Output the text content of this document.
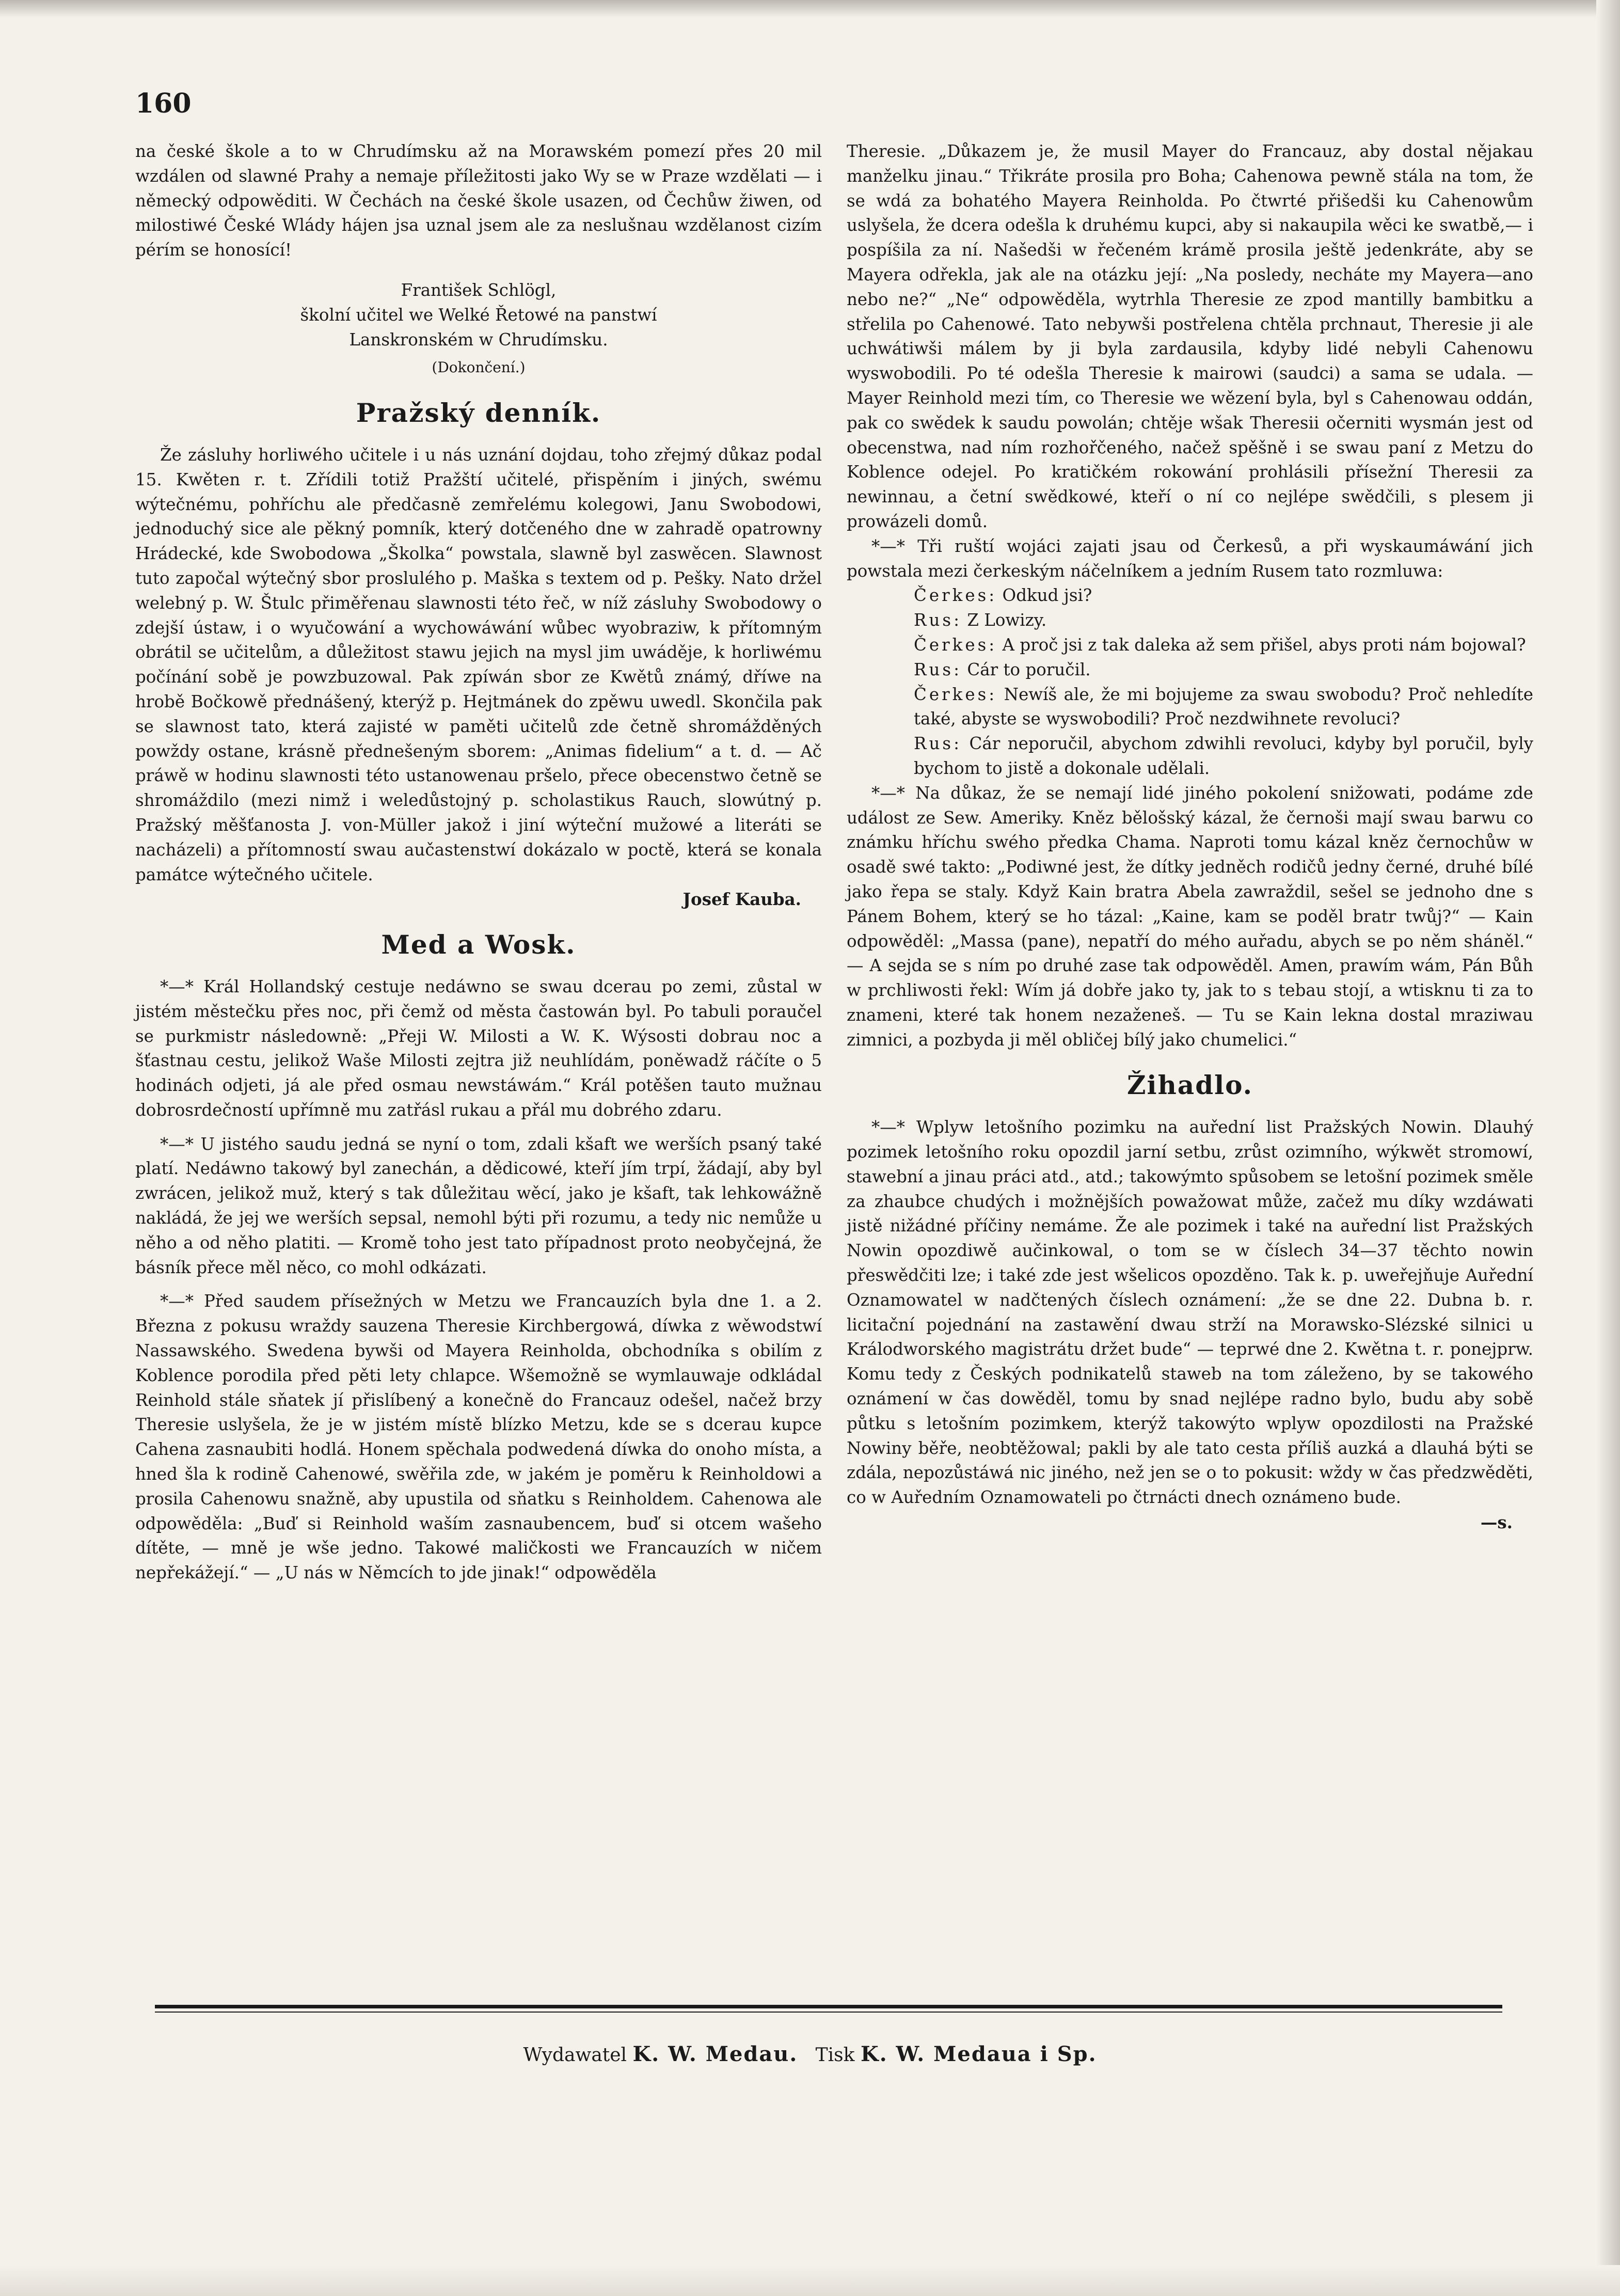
160

na české škole a to w Chrudímsku až na Morawském pomezí přes 20 mil wzdálen od slawné Prahy a nemaje příležitosti jako Wy se w Praze wzdělati — i německý odpowěditi. W Čechách na české škole usazen, od Čechůw žiwen, od milostiwé České Wlády hájen jsa uznal jsem ale za neslušnau wzdělanost cizím pérím se honosící!

František Schlögl,

školní učitel we Welké Řetowé na panstwí

Lanskronském w Chrudímsku.

(Dokončení.)

Pražský denník.

Že zásluhy horliwého učitele i u nás uznání dojdau, toho zřejmý důkaz podal 15. Kwěten r. t. Zřídili totiž Pražští učitelé, přispěním i jiných, swému wýtečnému, pohříchu ale předčasně zemřelému kolegowi, Janu Swobodowi, jednoduchý sice ale pěkný pomník, který dotčeného dne w zahradě opatrowny Hrádecké, kde Swobodowa „Školka“ powstala, slawně byl zaswěcen. Slawnost tuto započal wýtečný sbor proslulého p. Maška s textem od p. Pešky. Nato držel welebný p. W. Štulc přiměřenau slawnosti této řeč, w níž zásluhy Swobodowy o zdejší ústaw, i o wyučowání a wychowáwání wůbec wyobraziw, k přítomným obrátil se učitelům, a důležitost stawu jejich na mysl jim uwáděje, k horliwému počínání sobě je powzbuzowal. Pak zpíwán sbor ze Kwětů známý, dříwe na hrobě Bočkowě přednášený, kterýž p. Hejtmánek do zpěwu uwedl. Skončila pak se slawnost tato, která zajisté w paměti učitelů zde četně shromážděných powždy ostane, krásně přednešeným sborem: „Animas fidelium“ a t. d. — Ač práwě w hodinu slawnosti této ustanowenau pršelo, přece obecenstwo četně se shromáždilo (mezi nimž i weledůstojný p. scholastikus Rauch, slowútný p. Pražský měšťanosta J. von-Müller jakož i jiní wýteční mužowé a literáti se nacházeli) a přítomností swau aučastenstwí dokázalo w poctě, která se konala památce wýtečného učitele.

Josef Kauba.

Med a Wosk.

*—* Král Hollandský cestuje nedáwno se swau dcerau po zemi, zůstal w jistém městečku přes noc, při čemž od města častowán byl. Po tabuli poraučel se purkmistr následowně: „Přeji W. Milosti a W. K. Wýsosti dobrau noc a šťastnau cestu, jelikož Waše Milosti zejtra již neuhlídám, poněwadž ráčíte o 5 hodinách odjeti, já ale před osmau newstáwám.“ Král potěšen tauto mužnau dobrosrdečností upřímně mu zatřásl rukau a přál mu dobrého zdaru.

*—* U jistého saudu jedná se nyní o tom, zdali kšaft we werších psaný také platí. Nedáwno takowý byl zanechán, a dědicowé, kteří jím trpí, žádají, aby byl zwrácen, jelikož muž, který s tak důležitau wěcí, jako je kšaft, tak lehkowážně nakládá, že jej we werších sepsal, nemohl býti při rozumu, a tedy nic nemůže u něho a od něho platiti. — Kromě toho jest tato případnost proto neobyčejná, že básník přece měl něco, co mohl odkázati.

*—* Před saudem přísežných w Metzu we Francauzích byla dne 1. a 2. Března z pokusu wraždy sauzena Theresie Kirchbergowá, díwka z wěwodstwí Nassawského. Swedena bywši od Mayera Reinholda, obchodníka s obilím z Koblence porodila před pěti lety chlapce. Wšemožně se wymlauwaje odkládal Reinhold stále sňatek jí přislíbený a konečně do Francauz odešel, načež brzy Theresie uslyšela, že je w jistém místě blízko Metzu, kde se s dcerau kupce Cahena zasnaubiti hodlá. Honem spěchala podwedená díwka do onoho místa, a hned šla k rodině Cahenowé, swěřila zde, w jakém je poměru k Reinholdowi a prosila Cahenowu snažně, aby upustila od sňatku s Reinholdem. Cahenowa ale odpowěděla: „Buď si Reinhold waším zasnaubencem, buď si otcem wašeho dítěte, — mně je wše jedno. Takowé maličkosti we Francauzích w ničem nepřekážejí.“ — „U nás w Němcích to jde jinak!“ odpowěděla

Theresie. „Důkazem je, že musil Mayer do Francauz, aby dostal nějakau manželku jinau.“ Třikráte prosila pro Boha; Cahenowa pewně stála na tom, že se wdá za bohatého Mayera Reinholda. Po čtwrté přišedši ku Cahenowům uslyšela, že dcera odešla k druhému kupci, aby si nakaupila wěci ke swatbě,— i pospíšila za ní. Našedši w řečeném krámě prosila ještě jedenkráte, aby se Mayera odřekla, jak ale na otázku její: „Na posledy, necháte my Mayera—ano nebo ne?“ „Ne“ odpowěděla, wytrhla Theresie ze zpod mantilly bambitku a střelila po Cahenowé. Tato nebywši postřelena chtěla prchnaut, Theresie ji ale uchwátiwši málem by ji byla zardausila, kdyby lidé nebyli Cahenowu wyswobodili. Po té odešla Theresie k mairowi (saudci) a sama se udala. — Mayer Reinhold mezi tím, co Theresie we wězení byla, byl s Cahenowau oddán, pak co swědek k saudu powolán; chtěje wšak Theresii očerniti wysmán jest od obecenstwa, nad ním rozhořčeného, načež spěšně i se swau paní z Metzu do Koblence odejel. Po kratičkém rokowání prohlásili přísežní Theresii za newinnau, a četní swědkowé, kteří o ní co nejlépe swědčili, s plesem ji prowázeli domů.

*—* Tři ruští wojáci zajati jsau od Čerkesů, a při wyskaumáwání jich powstala mezi čerkeským náčelníkem a jedním Rusem tato rozmluwa:

Čerkes: Odkud jsi?

Rus: Z Lowizy.

Čerkes: A proč jsi z tak daleka až sem přišel, abys proti nám bojowal?

Rus: Cár to poručil.

Čerkes: Newíš ale, že mi bojujeme za swau swobodu? Proč nehledíte také, abyste se wyswobodili? Proč nezdwihnete revoluci?

Rus: Cár neporučil, abychom zdwihli revoluci, kdyby byl poručil, byly bychom to jistě a dokonale udělali.

*—* Na důkaz, že se nemají lidé jiného pokolení snižowati, podáme zde událost ze Sew. Ameriky. Kněz bělošský kázal, že černoši mají swau barwu co známku hříchu swého předka Chama. Naproti tomu kázal kněz černochůw w osadě swé takto: „Podiwné jest, že dítky jedněch rodičů jedny černé, druhé bílé jako řepa se staly. Když Kain bratra Abela zawraždil, sešel se jednoho dne s Pánem Bohem, který se ho tázal: „Kaine, kam se poděl bratr twůj?“ — Kain odpowěděl: „Massa (pane), nepatří do mého auřadu, abych se po něm sháněl.“ — A sejda se s ním po druhé zase tak odpowěděl. Amen, prawím wám, Pán Bůh w prchliwosti řekl: Wím já dobře jako ty, jak to s tebau stojí, a wtisknu ti za to znameni, které tak honem nezaženeš. — Tu se Kain lekna dostal mraziwau zimnici, a pozbyda ji měl obličej bílý jako chumelici.“

Žihadlo.

*—* Wplyw letošního pozimku na auřední list Pražských Nowin. Dlauhý pozimek letošního roku opozdil jarní setbu, zrůst ozimního, wýkwět stromowí, stawební a jinau práci atd., atd.; takowýmto spůsobem se letošní pozimek směle za zhaubce chudých i možnějších powažowat může, začež mu díky wzdáwati jistě nižádné příčiny nemáme. Že ale pozimek i také na auřední list Pražských Nowin opozdiwě aučinkowal, o tom se w číslech 34—37 těchto nowin přeswědčiti lze; i také zde jest wšelicos opozděno. Tak k. p. uweřejňuje Auřední Oznamowatel w nadčtených číslech oznámení: „že se dne 22. Dubna b. r. licitační pojednání na zastawění dwau strží na Morawsko-Slézské silnici u Králodworského magistrátu držet bude“ — teprwé dne 2. Kwětna t. r. ponejprw. Komu tedy z Českých podnikatelů staweb na tom záleženo, by se takowého oznámení w čas dowěděl, tomu by snad nejlépe radno bylo, budu aby sobě půtku s letošním pozimkem, kterýž takowýto wplyw opozdilosti na Pražské Nowiny běře, neobtěžowal; pakli by ale tato cesta příliš auzká a dlauhá býti se zdála, nepozůstáwá nic jiného, než jen se o to pokusit: wždy w čas předzwěděti, co w Auředním Oznamowateli po čtrnácti dnech oznámeno bude.

—s.

Wydawatel K. W. Medau. Tisk K. W. Medaua i Sp.
